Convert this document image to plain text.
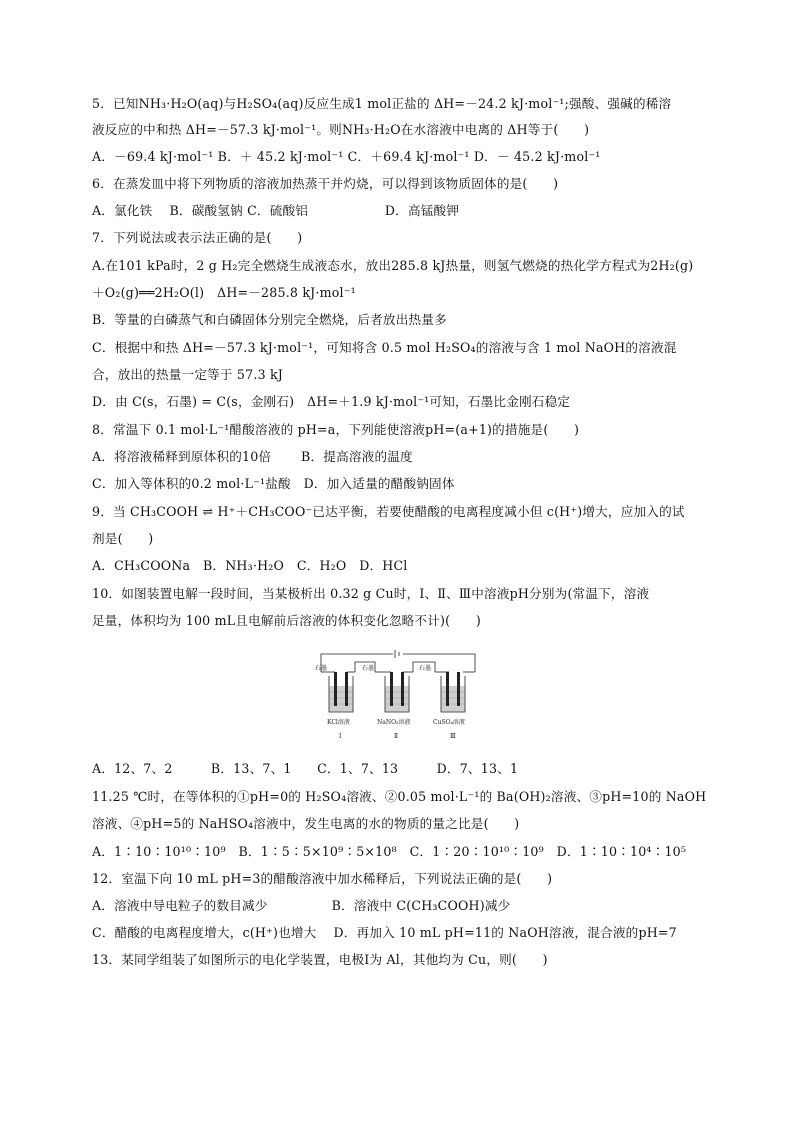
5．已知NH₃·H₂O(aq)与H₂SO₄(aq)反应生成1 mol正盐的 ΔH=－24.2 kJ·mol⁻¹;强酸、强碱的稀溶
液反应的中和热 ΔH=－57.3 kJ·mol⁻¹。则NH₃·H₂O在水溶液中电离的 ΔH等于(　　)
A．－69.4 kJ·mol⁻¹ B．＋ 45.2 kJ·mol⁻¹ C．＋69.4 kJ·mol⁻¹ D．－ 45.2 kJ·mol⁻¹
6．在蒸发皿中将下列物质的溶液加热蒸干并灼烧，可以得到该物质固体的是(　　)
A．氯化铁　 B．碳酸氢钠 C．硫酸铝　　　　　　D．高锰酸钾
7．下列说法或表示法正确的是(　　)
A.在101 kPa时，2 g H₂完全燃烧生成液态水，放出285.8 kJ热量，则氢气燃烧的热化学方程式为2H₂(g)
＋O₂(g)══2H₂O(l)　ΔH=－285.8 kJ·mol⁻¹
B．等量的白磷蒸气和白磷固体分别完全燃烧，后者放出热量多
C．根据中和热 ΔH=－57.3 kJ·mol⁻¹，可知将含 0.5 mol H₂SO₄的溶液与含 1 mol NaOH的溶液混
合，放出的热量一定等于 57.3 kJ
D．由 C(s，石墨) = C(s，金刚石)　ΔH=＋1.9 kJ·mol⁻¹可知，石墨比金刚石稳定
8．常温下 0.1 mol·L⁻¹醋酸溶液的 pH=a，下列能使溶液pH=(a+1)的措施是(　　)
A．将溶液稀释到原体积的10倍　　 B．提高溶液的温度
C．加入等体积的0.2 mol·L⁻¹盐酸　D．加入适量的醋酸钠固体
9．当 CH₃COOH ⇌ H⁺＋CH₃COO⁻已达平衡，若要使醋酸的电离程度减小但 c(H⁺)增大，应加入的试
剂是(　　)
A．CH₃COONa　B．NH₃·H₂O　C．H₂O　D．HCl
10．如图装置电解一段时间，当某极析出 0.32 g Cu时，Ⅰ、Ⅱ、Ⅲ中溶液pH分别为(常温下，溶液
足量，体积均为 100 mL且电解前后溶液的体积变化忽略不计)(　　)
石墨	石墨	石墨
KCl溶液	NaNO₃溶液	CuSO₄溶液
Ⅰ	Ⅱ	Ⅲ
A．12、7、2　　　B．13、7、1　　C．1、7、13　　　D．7、13、1
11.25 ℃时，在等体积的①pH=0的 H₂SO₄溶液、②0.05 mol·L⁻¹的 Ba(OH)₂溶液、③pH=10的 NaOH
溶液、④pH=5的 NaHSO₄溶液中，发生电离的水的物质的量之比是(　　)
A．1∶10∶10¹⁰∶10⁹　B．1∶5∶5×10⁹∶5×10⁸　C．1∶20∶10¹⁰∶10⁹　D．1∶10∶10⁴∶10⁵
12．室温下向 10 mL pH=3的醋酸溶液中加水稀释后，下列说法正确的是(　　)
A．溶液中导电粒子的数目减少　　　　　B．溶液中 C(CH₃COOH)减少
C．醋酸的电离程度增大，c(H⁺)也增大　 D．再加入 10 mL pH=11的 NaOH溶液，混合液的pH=7
13．某同学组装了如图所示的电化学装置，电极Ⅰ为 Al，其他均为 Cu，则(　　)
